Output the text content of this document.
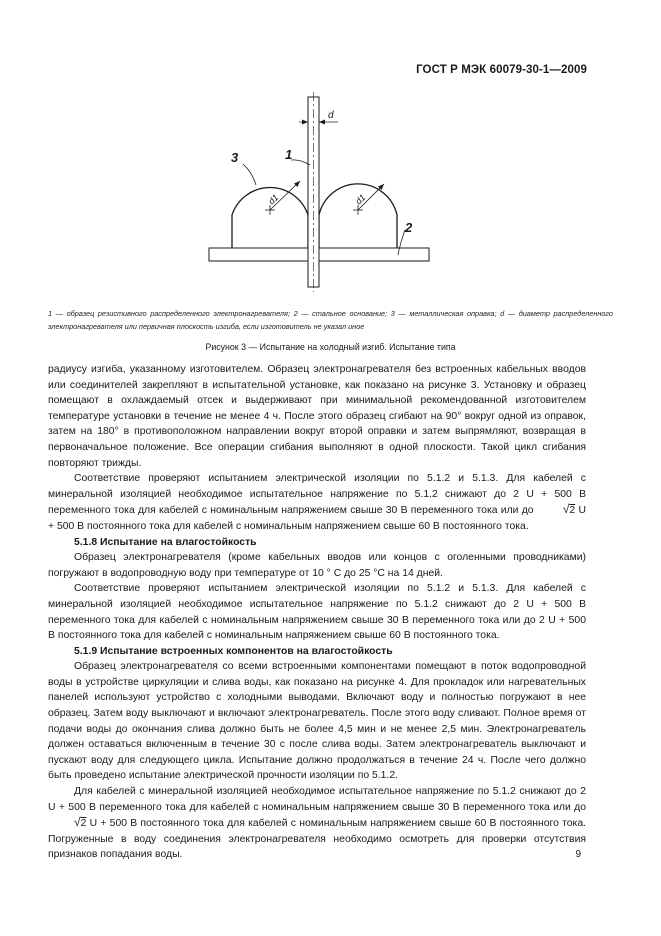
ГОСТ Р МЭК 60079-30-1—2009
d
d1	d1
3	1
2
1 — образец резистивного распределенного электронагревателя; 2 — стальное основание; 3 — металлическая оправка; d — диаметр распределенного электронагревателя или первичная плоскость изгиба, если изготовитель не указал иное
Рисунок 3 — Испытание на холодный изгиб. Испытание типа

радиусу изгиба, указанному изготовителем. Образец электронагревателя без встроенных кабельных вводов или соединителей закрепляют в испытательной установке, как показано на рисунке 3. Установку и образец помещают в охлаждаемый отсек и выдерживают при минимальной рекомендованной изготовителем температуре установки в течение не менее 4 ч. После этого образец сгибают на 90° вокруг одной из оправок, затем на 180° в противоположном направлении вокруг второй оправки и затем выпрямляют, возвращая в первоначальное положение. Все операции сгибания выполняют в одной плоскости. Такой цикл сгибания повторяют трижды.

Соответствие проверяют испытанием электрической изоляции по 5.1.2 и 5.1.3. Для кабелей с минеральной изоляцией необходимое испытательное напряжение по 5.1.2 снижают до 2 U + 500 В переменного тока для кабелей с номинальным напряжением свыше 30 В переменного тока или до √2 U + 500 В постоянного тока для кабелей с номинальным напряжением свыше 60 В постоянного тока.

5.1.8 Испытание на влагостойкость

Образец электронагревателя (кроме кабельных вводов или концов с оголенными проводниками) погружают в водопроводную воду при температуре от 10 ° С до 25 °С на 14 дней.

Соответствие проверяют испытанием электрической изоляции по 5.1.2 и 5.1.3. Для кабелей с минеральной изоляцией необходимое испытательное напряжение по 5.1.2 снижают до 2 U + 500 В переменного тока для кабелей с номинальным напряжением свыше 30 В переменного тока или до 2 U + 500 В постоянного тока для кабелей с номинальным напряжением свыше 60 В постоянного тока.

5.1.9 Испытание встроенных компонентов на влагостойкость

Образец электронагревателя со всеми встроенными компонентами помещают в поток водопроводной воды в устройстве циркуляции и слива воды, как показано на рисунке 4. Для прокладок или нагревательных панелей используют устройство с холодными выводами. Включают воду и полностью погружают в нее образец. Затем воду выключают и включают электронагреватель. После этого воду сливают. Полное время от подачи воды до окончания слива должно быть не более 4,5 мин и не менее 2,5 мин. Электронагреватель должен оставаться включенным в течение 30 с после слива воды. Затем электронагреватель выключают и пускают воду для следующего цикла. Испытание должно продолжаться в течение 24 ч. После чего должно быть проведено испытание электрической прочности изоляции по 5.1.2.

Для кабелей с минеральной изоляцией необходимое испытательное напряжение по 5.1.2 снижают до 2 U + 500 В переменного тока для кабелей с номинальным напряжением свыше 30 В переменного тока или до √2 U + 500 В постоянного тока для кабелей с номинальным напряжением свыше 60 В постоянного тока. Погруженные в воду соединения электронагревателя необходимо осмотреть для проверки отсутствия признаков попадания воды.	9
